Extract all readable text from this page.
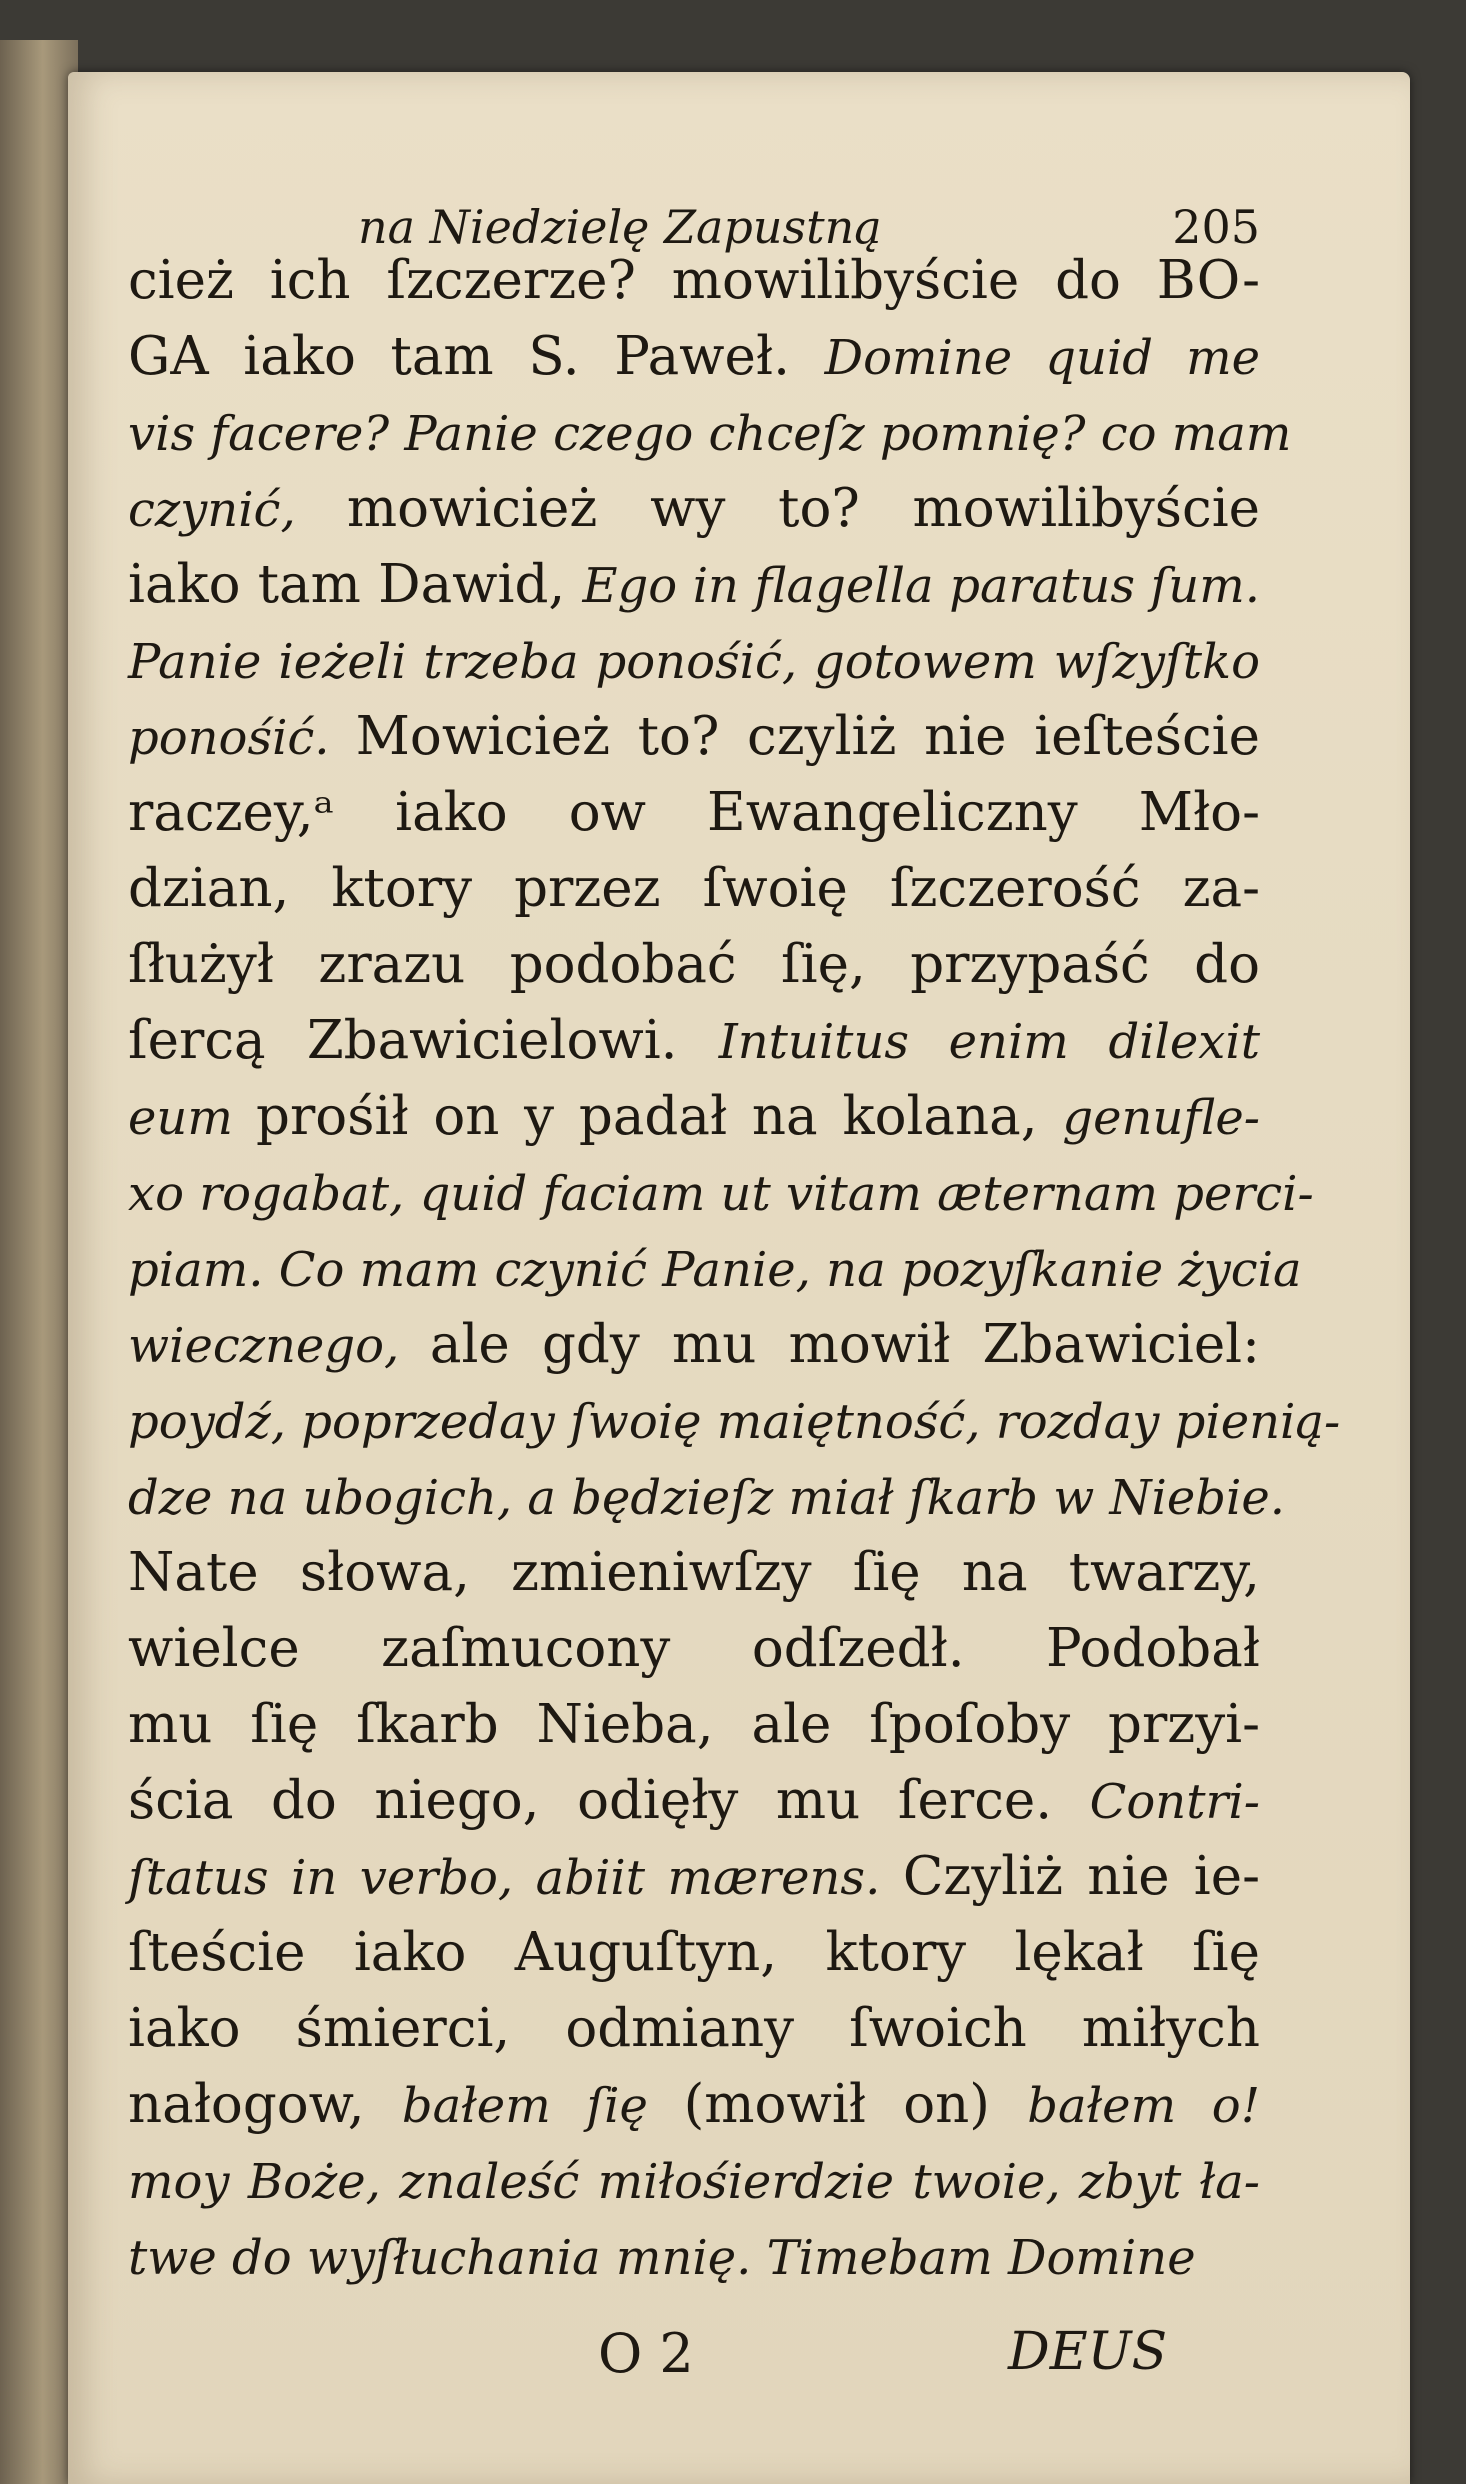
na Niedzielę Zapustną	205
cież ich ſzczerze? mowilibyście do BO-
GA iako tam S. Paweł. Domine quid me
vis facere? Panie czego chceſz pomnię? co mam
czynić, mowicież wy to? mowilibyście
iako tam Dawid, Ego in flagella paratus ſum.
Panie ieżeli trzeba ponośić, gotowem wſzyſtko
ponośić. Mowicież to? czyliż nie ieſteście
raczey,ᵃ iako ow Ewangeliczny Mło-
dzian, ktory przez ſwoię ſzczerość za-
ſłużył zrazu podobać ſię, przypaść do
ſercą Zbawicielowi. Intuitus enim dilexit
eum prośił on y padał na kolana, genuflе-
xo rogabat, quid faciam ut vitam æternam perci-
piam. Co mam czynić Panie, na pozyſkanie życia
wiecznego, ale gdy mu mowił Zbawiciel:
poydź, poprzeday ſwoię maiętność, rozday pienią-
dze na ubogich, a będzieſz miał ſkarb w Niebie.
Nate słowa, zmieniwſzy ſię na twarzy,
wielce zaſmucony odſzedł. Podobał
mu ſię ſkarb Nieba, ale ſpoſoby przyi-
ścia do niego, odięły mu ſerce. Contri-
ſtatus in verbo, abiit mærens. Czyliż nie ie-
ſteście iako Auguſtyn, ktory lękał ſię
iako śmierci, odmiany ſwoich miłych
nałogow, bałem ſię (mowił on) bałem o!
moy Boże, znaleść miłośierdzie twoie, zbyt ła-
twe do wyſłuchania mnię. Timebam Domine
O 2	DEUS
